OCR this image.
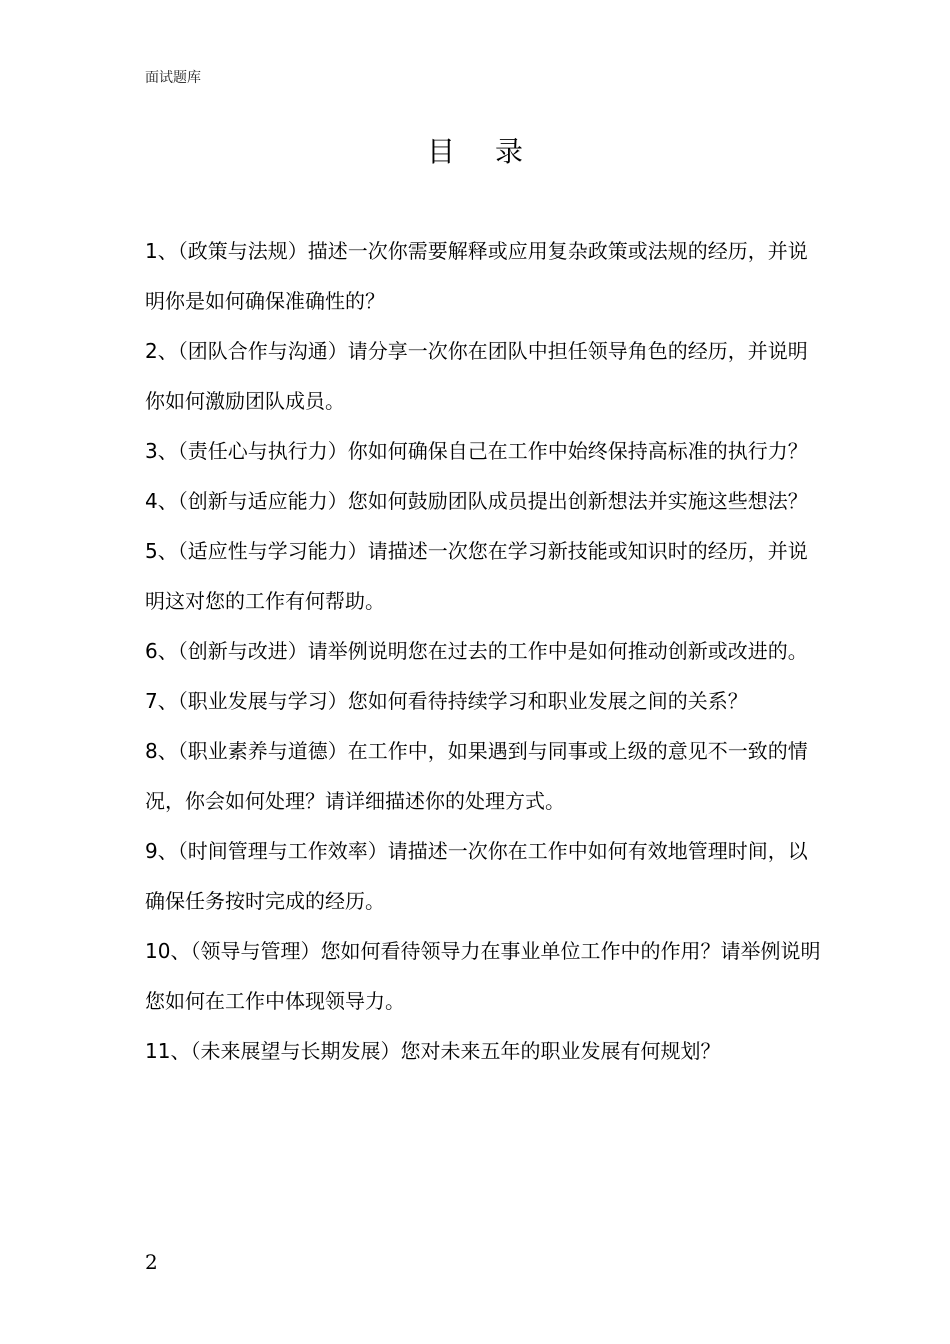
面试题库
目录
1、（政策与法规）描述一次你需要解释或应用复杂政策或法规的经历，并说明你是如何确保准确性的？
2、（团队合作与沟通）请分享一次你在团队中担任领导角色的经历，并说明你如何激励团队成员。
3、（责任心与执行力）你如何确保自己在工作中始终保持高标准的执行力？
4、（创新与适应能力）您如何鼓励团队成员提出创新想法并实施这些想法？
5、（适应性与学习能力）请描述一次您在学习新技能或知识时的经历，并说明这对您的工作有何帮助。
6、（创新与改进）请举例说明您在过去的工作中是如何推动创新或改进的。
7、（职业发展与学习）您如何看待持续学习和职业发展之间的关系？
8、（职业素养与道德）在工作中，如果遇到与同事或上级的意见不一致的情况，你会如何处理？请详细描述你的处理方式。
9、（时间管理与工作效率）请描述一次你在工作中如何有效地管理时间，以确保任务按时完成的经历。
10、（领导与管理）您如何看待领导力在事业单位工作中的作用？请举例说明您如何在工作中体现领导力。
11、（未来展望与长期发展）您对未来五年的职业发展有何规划？
2
